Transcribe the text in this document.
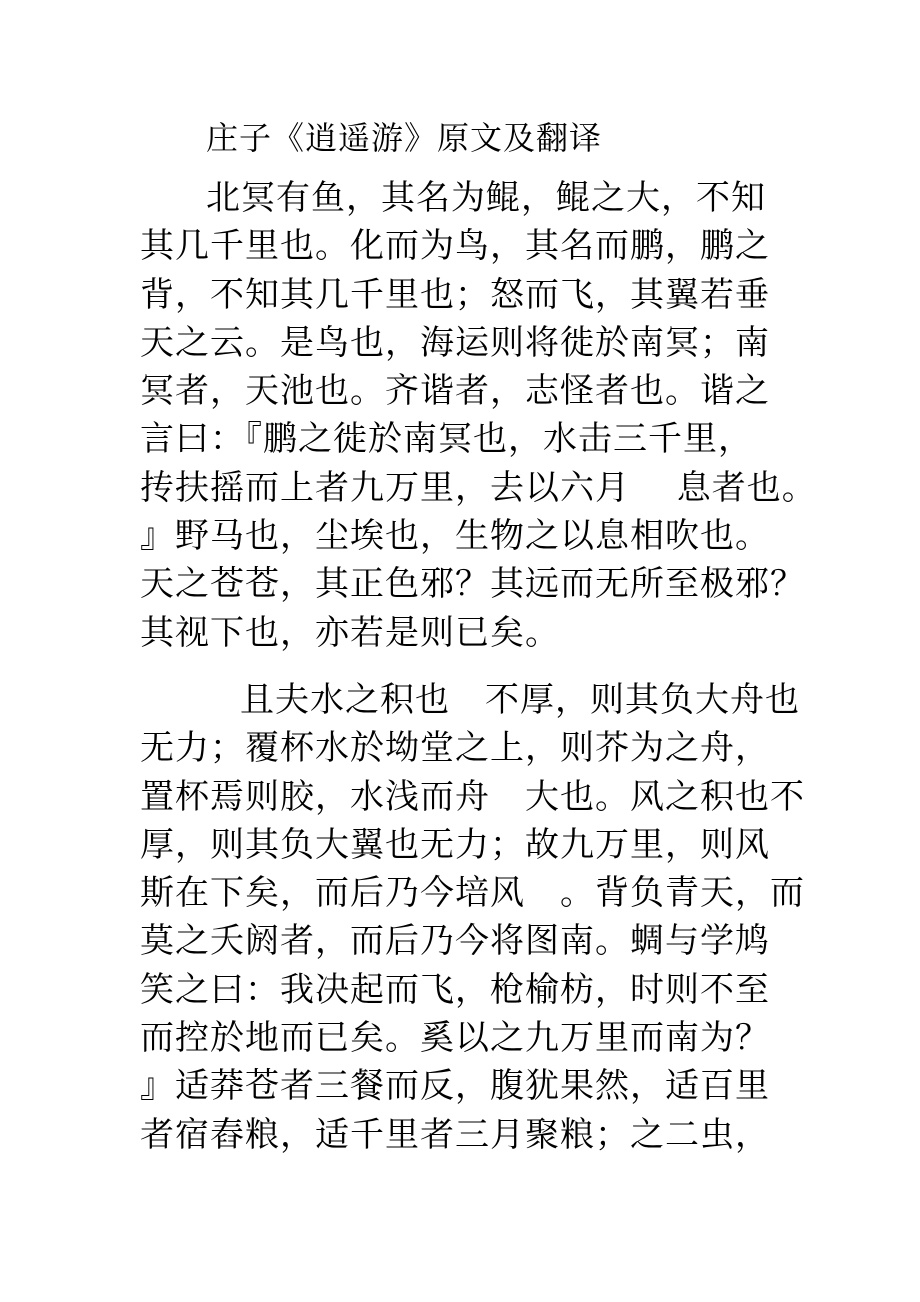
庄子《逍遥游》原文及翻译
北冥有鱼，其名为鲲，鲲之大，不知
其几千里也。化而为鸟，其名而鹏，鹏之
背，不知其几千里也；怒而飞，其翼若垂
天之云。是鸟也，海运则将徙於南冥；南
冥者，天池也。齐谐者，志怪者也。谐之
言曰：『鹏之徙於南冥也，水击三千里，
抟扶摇而上者九万里，去以六月　 息者也。
』野马也，尘埃也，生物之以息相吹也。
天之苍苍，其正色邪？其远而无所至极邪？
其视下也，亦若是则已矣。
且夫水之积也　不厚，则其负大舟也
无力；覆杯水於坳堂之上，则芥为之舟，
置杯焉则胶，水浅而舟　大也。风之积也不
厚，则其负大翼也无力；故九万里，则风
斯在下矣，而后乃今培风　。背负青天，而
莫之夭阏者，而后乃今将图南。蜩与学鸠
笑之曰：我决起而飞，枪榆枋，时则不至
而控於地而已矣。奚以之九万里而南为？
』适莽苍者三餐而反，腹犹果然，适百里
者宿舂粮，适千里者三月聚粮；之二虫，
